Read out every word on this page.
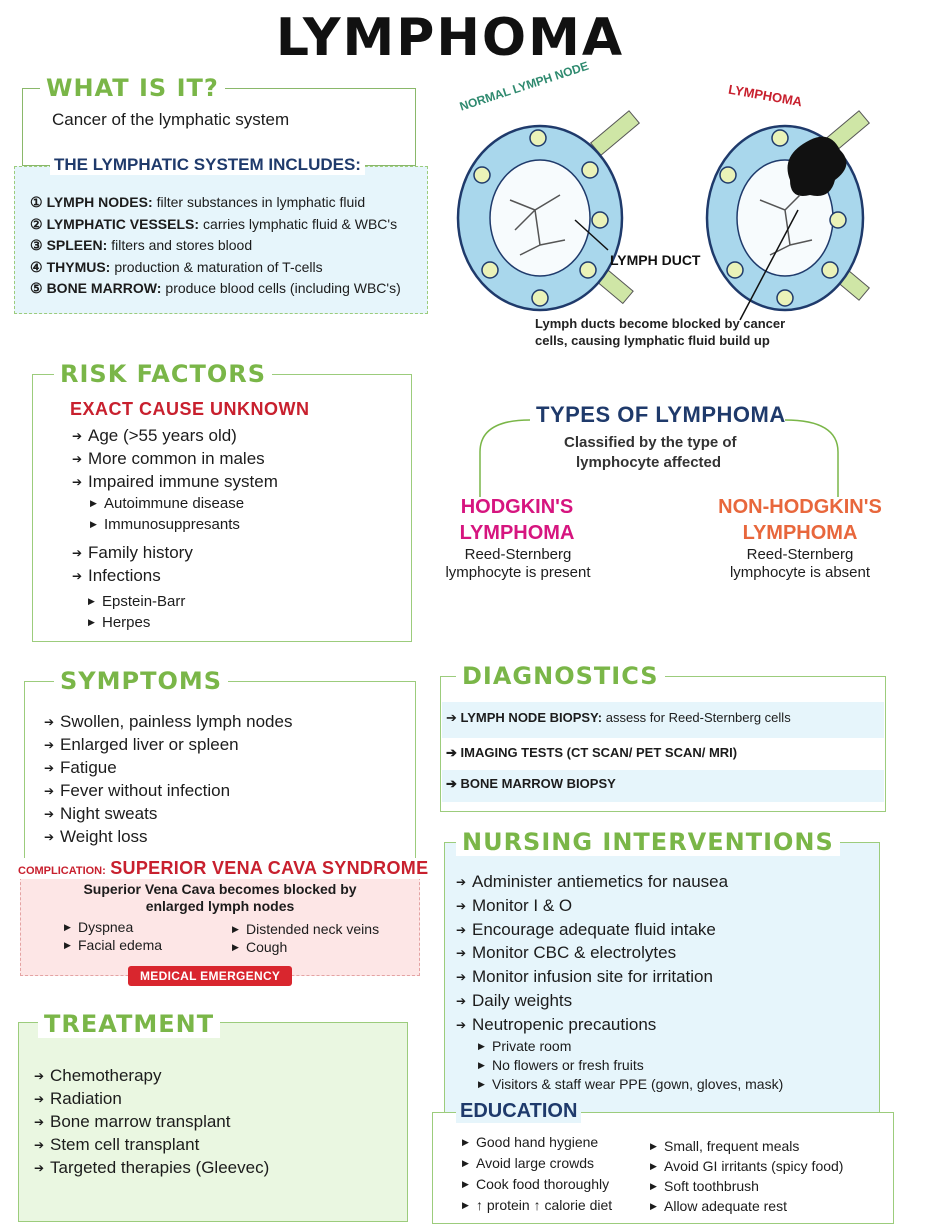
LYMPHOMA
WHAT IS IT?
Cancer of the lymphatic system
THE LYMPHATIC SYSTEM INCLUDES:
① LYMPH NODES: filter substances in lymphatic fluid
② LYMPHATIC VESSELS: carries lymphatic fluid & WBC's
③ SPLEEN: filters and stores blood
④ THYMUS: production & maturation of T-cells
⑤ BONE MARROW: produce blood cells (including WBC's)
NORMAL LYMPH NODE	LYMPHOMA
LYMPH DUCT
Lymph ducts become blocked by cancer
cells, causing lymphatic fluid build up
RISK FACTORS
EXACT CAUSE UNKNOWN
➔ Age (>55 years old)
➔ More common in males
➔ Impaired immune system
▶ Autoimmune disease
▶ Immunosuppresants
➔ Family history
➔ Infections
▶ Epstein-Barr
▶ Herpes
TYPES OF LYMPHOMA
Classified by the type of
lymphocyte affected
HODGKIN'S
LYMPHOMA
Reed-Sternberg
lymphocyte is present
NON-HODGKIN'S
LYMPHOMA
Reed-Sternberg
lymphocyte is absent
SYMPTOMS
➔ Swollen, painless lymph nodes
➔ Enlarged liver or spleen
➔ Fatigue
➔ Fever without infection
➔ Night sweats
➔ Weight loss
COMPLICATION: SUPERIOR VENA CAVA SYNDROME
Superior Vena Cava becomes blocked by
enlarged lymph nodes
▶ Dyspnea
▶ Facial edema
▶ Distended neck veins
▶ Cough
MEDICAL EMERGENCY
TREATMENT
➔ Chemotherapy
➔ Radiation
➔ Bone marrow transplant
➔ Stem cell transplant
➔ Targeted therapies (Gleevec)
DIAGNOSTICS
➔ LYMPH NODE BIOPSY: assess for Reed-Sternberg cells
➔ IMAGING TESTS (CT SCAN/ PET SCAN/ MRI)
➔ BONE MARROW BIOPSY
NURSING INTERVENTIONS
➔ Administer antiemetics for nausea
➔ Monitor I & O
➔ Encourage adequate fluid intake
➔ Monitor CBC & electrolytes
➔ Monitor infusion site for irritation
➔ Daily weights
➔ Neutropenic precautions
▶ Private room
▶ No flowers or fresh fruits
▶ Visitors & staff wear PPE (gown, gloves, mask)
EDUCATION
▶ Good hand hygiene
▶ Avoid large crowds
▶ Cook food thoroughly
▶ ↑ protein ↑ calorie diet
▶ Small, frequent meals
▶ Avoid GI irritants (spicy food)
▶ Soft toothbrush
▶ Allow adequate rest
